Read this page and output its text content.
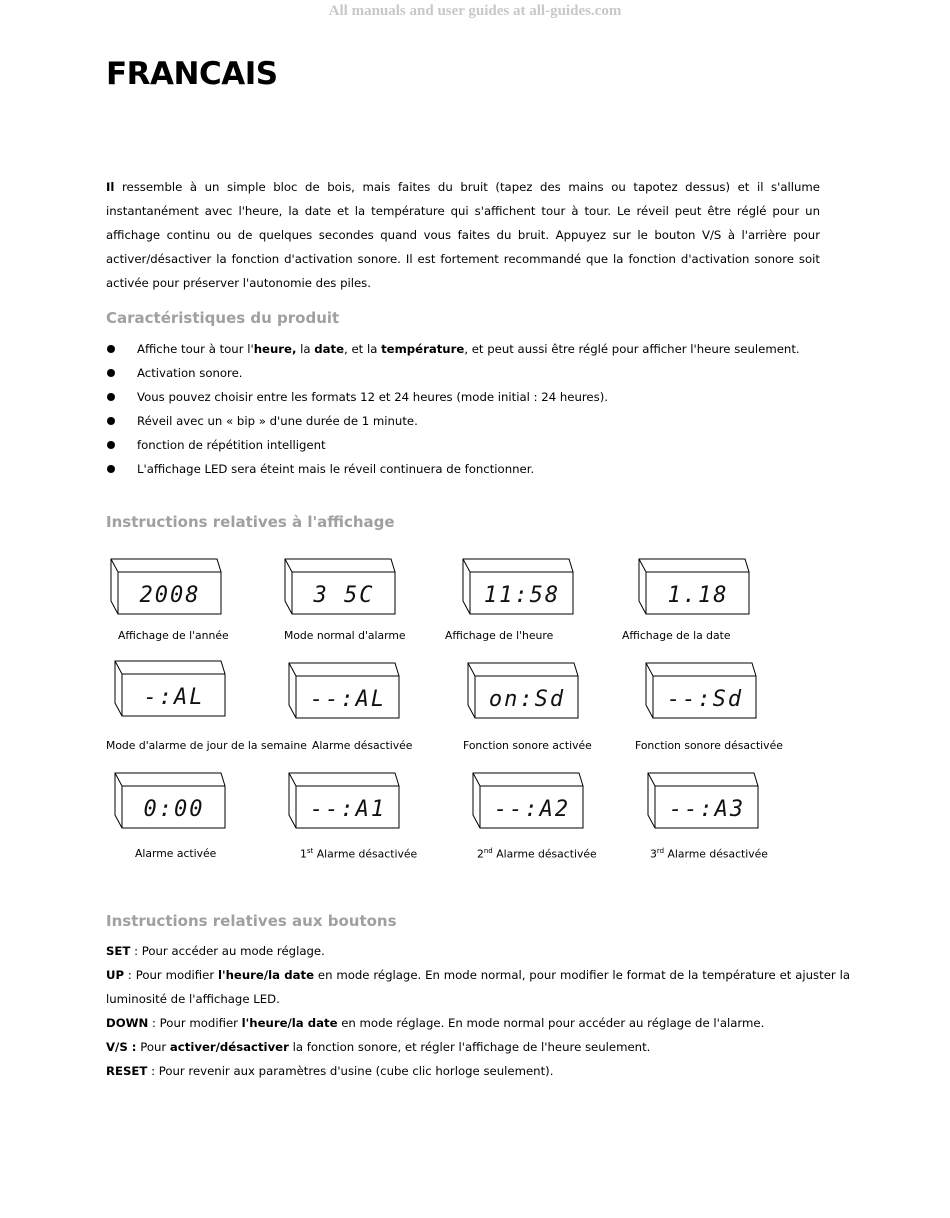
All manuals and user guides at all-guides.com
FRANCAIS

Il ressemble à un simple bloc de bois, mais faites du bruit (tapez des mains ou tapotez dessus) et il s'allume instantanément avec l'heure, la date et la température qui s'affichent tour à tour. Le réveil peut être réglé pour un affichage continu ou de quelques secondes quand vous faites du bruit. Appuyez sur le bouton V/S à l'arrière pour activer/désactiver la fonction d'activation sonore. Il est fortement recommandé que la fonction d'activation sonore soit activée pour préserver l'autonomie des piles.

Caractéristiques du produit
Affiche tour à tour l'heure, la date, et la température, et peut aussi être réglé pour afficher l'heure seulement.
Activation sonore.
Vous pouvez choisir entre les formats 12 et 24 heures (mode initial : 24 heures).
Réveil avec un « bip » d'une durée de 1 minute.
fonction de répétition intelligent
L'affichage LED sera éteint mais le réveil continuera de fonctionner.
Instructions relatives à l'affichage
2008
Affichage de l'année
3 5C
Mode normal d'alarme
11:58
Affichage de l'heure
1.18
Affichage de la date
-:AL
Mode d'alarme de jour de la semaine
--:AL
Alarme désactivée
on:Sd
Fonction sonore activée
--:Sd
Fonction sonore désactivée
0:00
Alarme activée
--:A1
1st Alarme désactivée
--:A2
2nd Alarme désactivée
--:A3
3rd Alarme désactivée
Instructions relatives aux boutons
SET : Pour accéder au mode réglage.
UP : Pour modifier l'heure/la date en mode réglage. En mode normal, pour modifier le format de la température et ajuster la luminosité de l'affichage LED.
DOWN : Pour modifier l'heure/la date en mode réglage. En mode normal pour accéder au réglage de l'alarme.
V/S : Pour activer/désactiver la fonction sonore, et régler l'affichage de l'heure seulement.
RESET : Pour revenir aux paramètres d'usine (cube clic horloge seulement).
